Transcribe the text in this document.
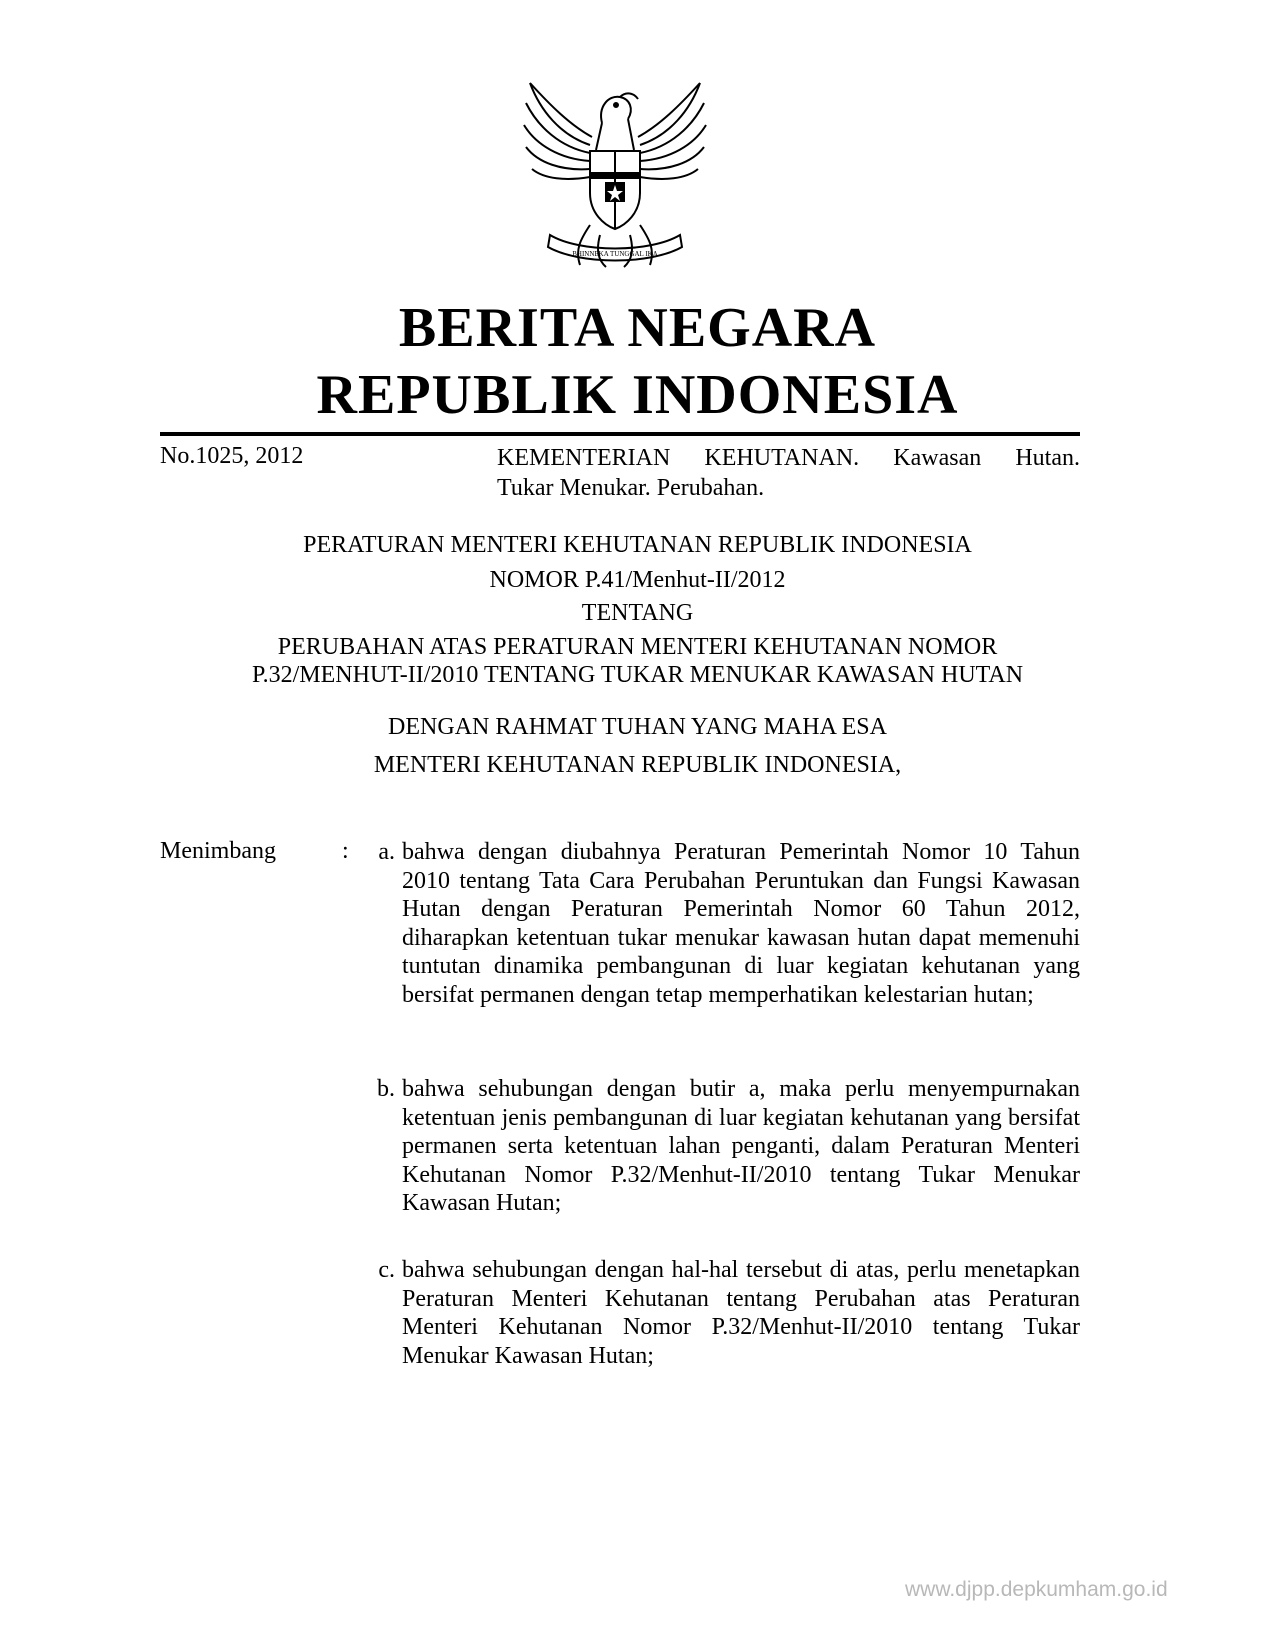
BHINNEKA TUNGGAL IKA
BERITA NEGARA
REPUBLIK INDONESIA
No.1025, 2012	KEMENTERIAN KEHUTANAN. Kawasan Hutan.
Tukar Menukar. Perubahan.
PERATURAN MENTERI KEHUTANAN REPUBLIK INDONESIA
NOMOR P.41/Menhut-II/2012
TENTANG
PERUBAHAN ATAS PERATURAN MENTERI KEHUTANAN NOMOR
P.32/MENHUT-II/2010 TENTANG TUKAR MENUKAR KAWASAN HUTAN
DENGAN RAHMAT TUHAN YANG MAHA ESA
MENTERI KEHUTANAN REPUBLIK INDONESIA,
Menimbang	:	a. bahwa dengan diubahnya Peraturan Pemerintah Nomor 10 Tahun 2010 tentang Tata Cara Perubahan Peruntukan dan Fungsi Kawasan Hutan dengan Peraturan Pemerintah Nomor 60 Tahun 2012, diharapkan ketentuan tukar menukar kawasan hutan dapat memenuhi tuntutan dinamika pembangunan di luar kegiatan kehutanan yang bersifat permanen dengan tetap memperhatikan kelestarian hutan;
b. bahwa sehubungan dengan butir a, maka perlu menyempurnakan ketentuan jenis pembangunan di luar kegiatan kehutanan yang bersifat permanen serta ketentuan lahan penganti, dalam Peraturan Menteri Kehutanan Nomor P.32/Menhut-II/2010 tentang Tukar Menukar Kawasan Hutan;
c. bahwa sehubungan dengan hal-hal tersebut di atas, perlu menetapkan Peraturan Menteri Kehutanan tentang Perubahan atas Peraturan Menteri Kehutanan Nomor P.32/Menhut-II/2010 tentang Tukar Menukar Kawasan Hutan;
www.djpp.depkumham.go.id
